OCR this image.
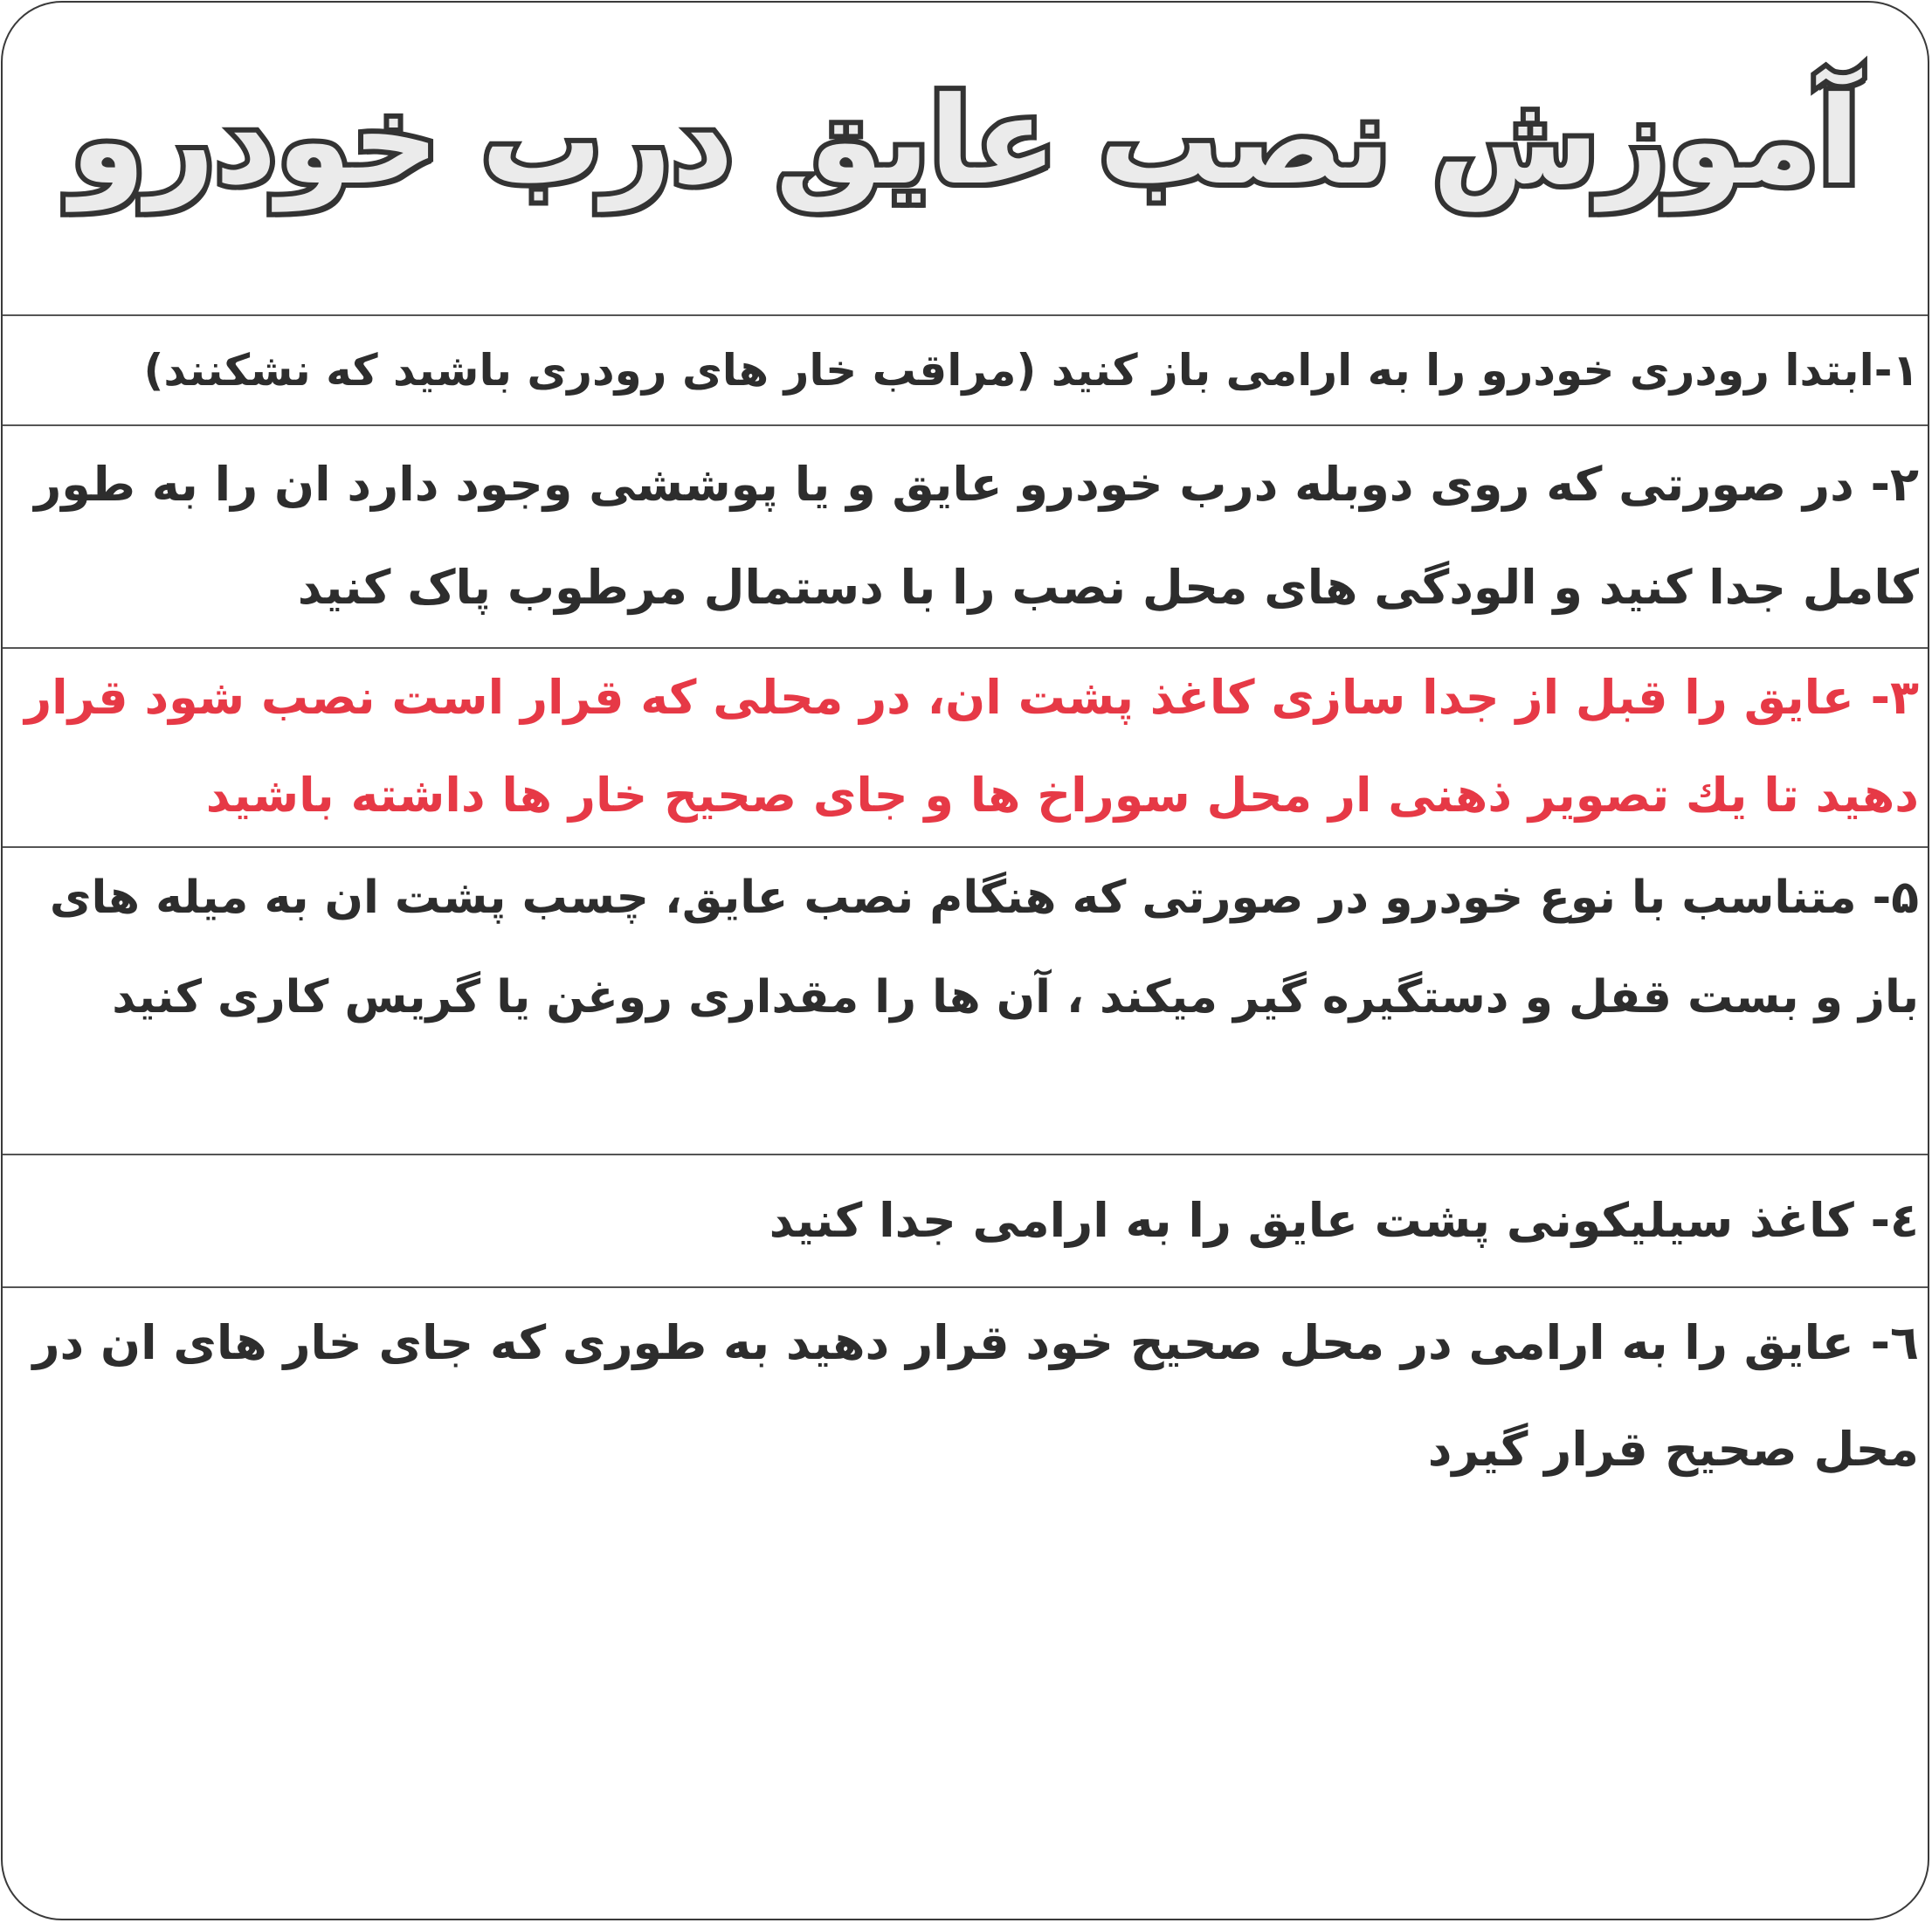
آموزش نصب عایق درب خودرو

۱-ابتدا رودری خودرو را به ارامی باز کنید (مراقب خار های رودری باشید که نشکنند)

۲- در صورتی که روی دوبله درب خودرو عایق و یا پوششی وجود دارد ان را به طور کامل جدا کنید و الودگی های محل نصب را با دستمال مرطوب پاک کنید

۳- عایق را قبل از جدا سازی کاغذ پشت ان، در محلی که قرار است نصب شود قرار دهید تا یك تصویر ذهنی ار محل سوراخ ها و جای صحیح خار ها داشته باشید

۵- متناسب با نوع خودرو در صورتی که هنگام نصب عایق، چسب پشت ان به میله های باز و بست قفل و دستگیره گیر میکند ، آن ها را مقداری روغن یا گریس کاری کنید

٤- کاغذ سیلیکونی پشت عایق را به ارامی جدا کنید

٦- عایق را به ارامی در محل صحیح خود قرار دهید به طوری که جای خار های ان در محل صحیح قرار گیرد
